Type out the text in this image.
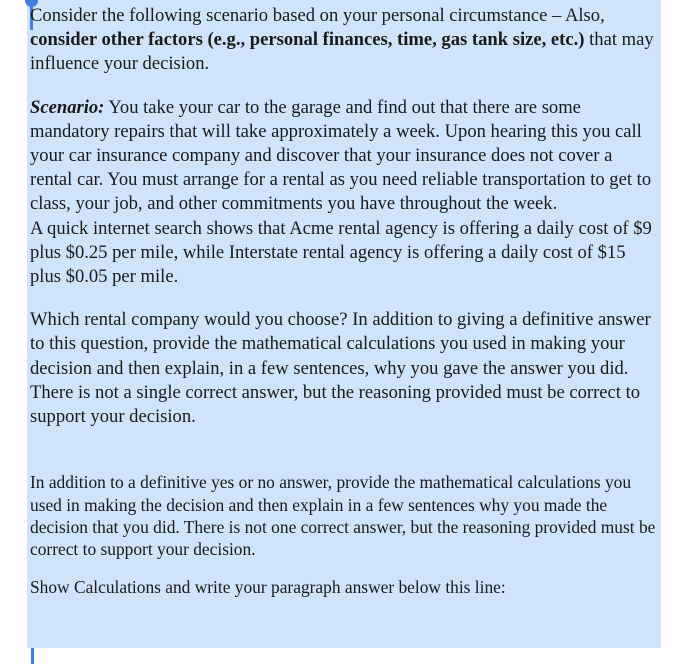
Consider the following scenario based on your personal circumstance – Also, consider other factors (e.g., personal finances, time, gas tank size, etc.) that may influence your decision.

Scenario: You take your car to the garage and find out that there are some mandatory repairs that will take approximately a week. Upon hearing this you call your car insurance company and discover that your insurance does not cover a rental car. You must arrange for a rental as you need reliable transportation to get to class, your job, and other commitments you have throughout the week.

A quick internet search shows that Acme rental agency is offering a daily cost of $9 plus $0.25 per mile, while Interstate rental agency is offering a daily cost of $15 plus $0.05 per mile.

Which rental company would you choose? In addition to giving a definitive answer to this question, provide the mathematical calculations you used in making your decision and then explain, in a few sentences, why you gave the answer you did. There is not a single correct answer, but the reasoning provided must be correct to support your decision.

In addition to a definitive yes or no answer, provide the mathematical calculations you used in making the decision and then explain in a few sentences why you made the decision that you did. There is not one correct answer, but the reasoning provided must be correct to support your decision.

Show Calculations and write your paragraph answer below this line:
